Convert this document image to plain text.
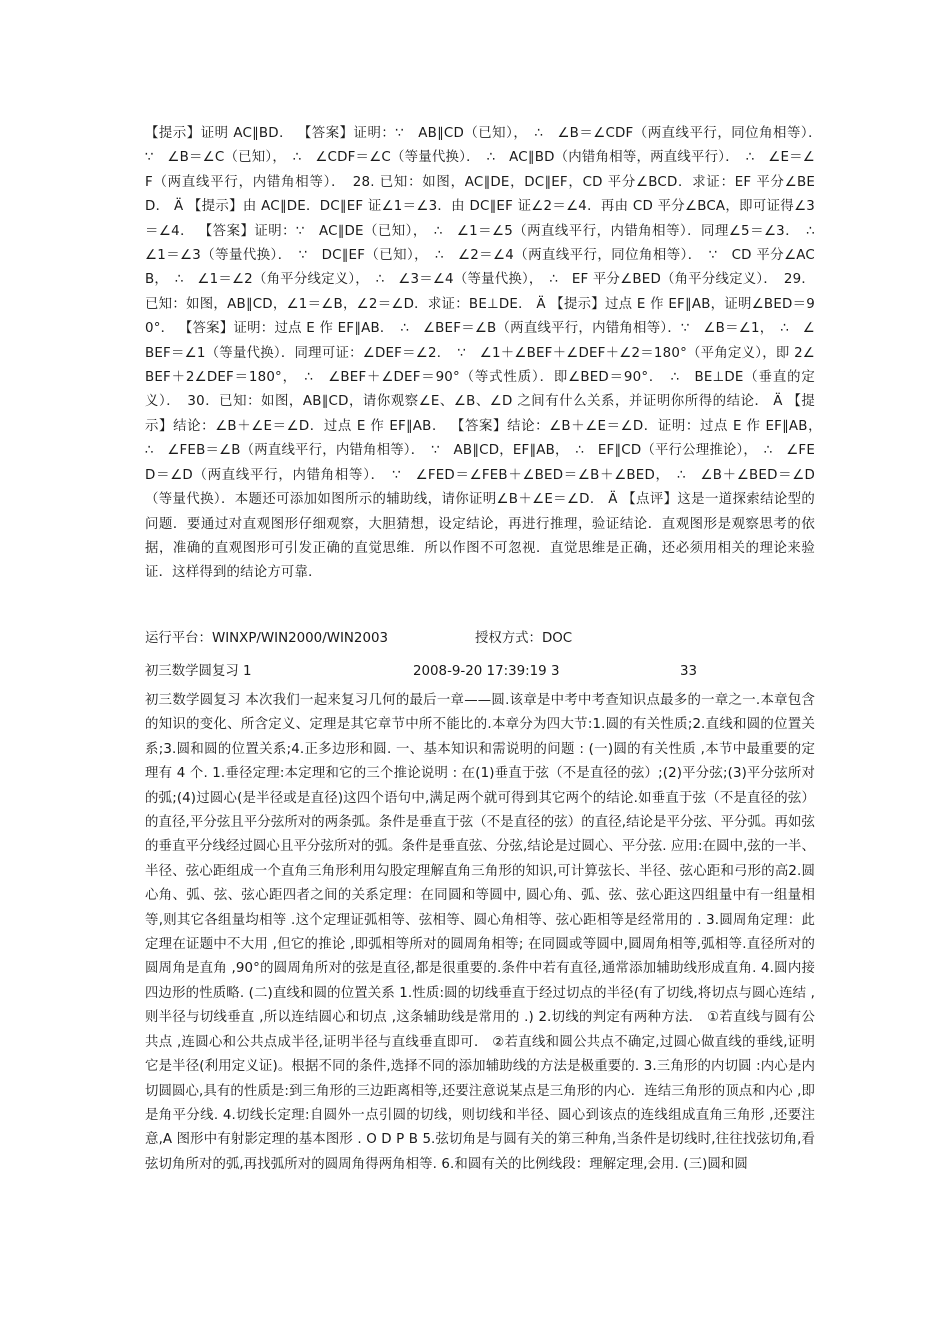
【提示】证明 AC∥BD． 【答案】证明：∵　AB∥CD（已知），　∴　∠B＝∠CDF（两直线平行，同位角相等）．　∵　∠B＝∠C（已知），　∴　∠CDF＝∠C（等量代换）．　∴　AC∥BD（内错角相等，两直线平行）．　∴　∠E＝∠F（两直线平行，内错角相等）．　28. 已知：如图，AC∥DE，DC∥EF，CD 平分∠BCD．求证：EF 平分∠BED． Ä 【提示】由 AC∥DE．DC∥EF 证∠1＝∠3．由 DC∥EF 证∠2＝∠4．再由 CD 平分∠BCA，即可证得∠3＝∠4． 【答案】证明：∵　AC∥DE（已知），　∴　∠1＝∠5（两直线平行，内错角相等）．同理∠5＝∠3．　∴　∠1＝∠3（等量代换）．　∵　DC∥EF（已知），　∴　∠2＝∠4（两直线平行，同位角相等）．　∵　CD 平分∠ACB，　∴　∠1＝∠2（角平分线定义），　∴　∠3＝∠4（等量代换），　∴　EF 平分∠BED（角平分线定义）．　29．已知：如图，AB∥CD，∠1＝∠B，∠2＝∠D．求证：BE⊥DE． Ä 【提示】过点 E 作 EF∥AB，证明∠BED＝90°． 【答案】证明：过点 E 作 EF∥AB．　∴　∠BEF＝∠B（两直线平行，内错角相等）．∵　∠B＝∠1，　∴　∠BEF＝∠1（等量代换）．同理可证：∠DEF＝∠2．　∵　∠1＋∠BEF＋∠DEF＋∠2＝180°（平角定义），即 2∠BEF＋2∠DEF＝180°，　∴　∠BEF＋∠DEF＝90°（等式性质）．即∠BED＝90°．　∴　BE⊥DE（垂直的定义）．　30．已知：如图，AB∥CD，请你观察∠E、∠B、∠D 之间有什么关系，并证明你所得的结论． Ä 【提示】结论：∠B＋∠E＝∠D．过点 E 作 EF∥AB． 【答案】结论：∠B＋∠E＝∠D．证明：过点 E 作 EF∥AB，　∴　∠FEB＝∠B（两直线平行，内错角相等）．　∵　AB∥CD，EF∥AB，　∴　EF∥CD（平行公理推论），　∴　∠FED＝∠D（两直线平行，内错角相等）．　∵　∠FED＝∠FEB＋∠BED＝∠B＋∠BED，　∴　∠B＋∠BED＝∠D（等量代换）．本题还可添加如图所示的辅助线，请你证明∠B＋∠E＝∠D． Ä 【点评】这是一道探索结论型的问题．要通过对直观图形仔细观察，大胆猜想，设定结论，再进行推理，验证结论．直观图形是观察思考的依据，准确的直观图形可引发正确的直觉思维．所以作图不可忽视．直觉思维是正确，还必须用相关的理论来验证．这样得到的结论方可靠．
运行平台：WINXP/WIN2000/WIN2003	授权方式：DOC
初三数学圆复习 1	2008-9-20 17:39:19 3	33
初三数学圆复习 本次我们一起来复习几何的最后一章——圆.该章是中考中考查知识点最多的一章之一.本章包含的知识的变化、所含定义、定理是其它章节中所不能比的.本章分为四大节:1.圆的有关性质;2.直线和圆的位置关系;3.圆和圆的位置关系;4.正多边形和圆. 一、基本知识和需说明的问题 : (一)圆的有关性质 ,本节中最重要的定理有 4 个. 1.垂径定理:本定理和它的三个推论说明 : 在(1)垂直于弦（不是直径的弦）;(2)平分弦;(3)平分弦所对的弧;(4)过圆心(是半径或是直径)这四个语句中,满足两个就可得到其它两个的结论.如垂直于弦（不是直径的弦）的直径,平分弦且平分弦所对的两条弧。条件是垂直于弦（不是直径的弦）的直径,结论是平分弦、平分弧。再如弦的垂直平分线经过圆心且平分弦所对的弧。条件是垂直弦、分弦,结论是过圆心、平分弦. 应用:在圆中,弦的一半、半径、弦心距组成一个直角三角形利用勾股定理解直角三角形的知识,可计算弦长、半径、弦心距和弓形的高2.圆心角、弧、弦、弦心距四者之间的关系定理：在同圆和等圆中, 圆心角、弧、弦、弦心距这四组量中有一组量相等,则其它各组量均相等 .这个定理证弧相等、弦相等、圆心角相等、弦心距相等是经常用的 . 3.圆周角定理：此定理在证题中不大用 ,但它的推论 ,即弧相等所对的圆周角相等; 在同圆或等圆中,圆周角相等,弧相等.直径所对的圆周角是直角 ,90°的圆周角所对的弦是直径,都是很重要的.条件中若有直径,通常添加辅助线形成直角. 4.圆内接四边形的性质略. (二)直线和圆的位置关系 1.性质:圆的切线垂直于经过切点的半径(有了切线,将切点与圆心连结 ,则半径与切线垂直 ,所以连结圆心和切点 ,这条辅助线是常用的 .) 2.切线的判定有两种方法． ①若直线与圆有公共点 ,连圆心和公共点成半径,证明半径与直线垂直即可． ②若直线和圆公共点不确定,过圆心做直线的垂线,证明它是半径(利用定义证)。根据不同的条件,选择不同的添加辅助线的方法是极重要的. 3.三角形的内切圆 :内心是内切圆圆心,具有的性质是:到三角形的三边距离相等,还要注意说某点是三角形的内心．连结三角形的顶点和内心 ,即是角平分线. 4.切线长定理:自圆外一点引圆的切线，则切线和半径、圆心到该点的连线组成直角三角形 ,还要注意,A 图形中有射影定理的基本图形 . O D P B 5.弦切角是与圆有关的第三种角,当条件是切线时,往往找弦切角,看弦切角所对的弧,再找弧所对的圆周角得两角相等. 6.和圆有关的比例线段：理解定理,会用. (三)圆和圆
